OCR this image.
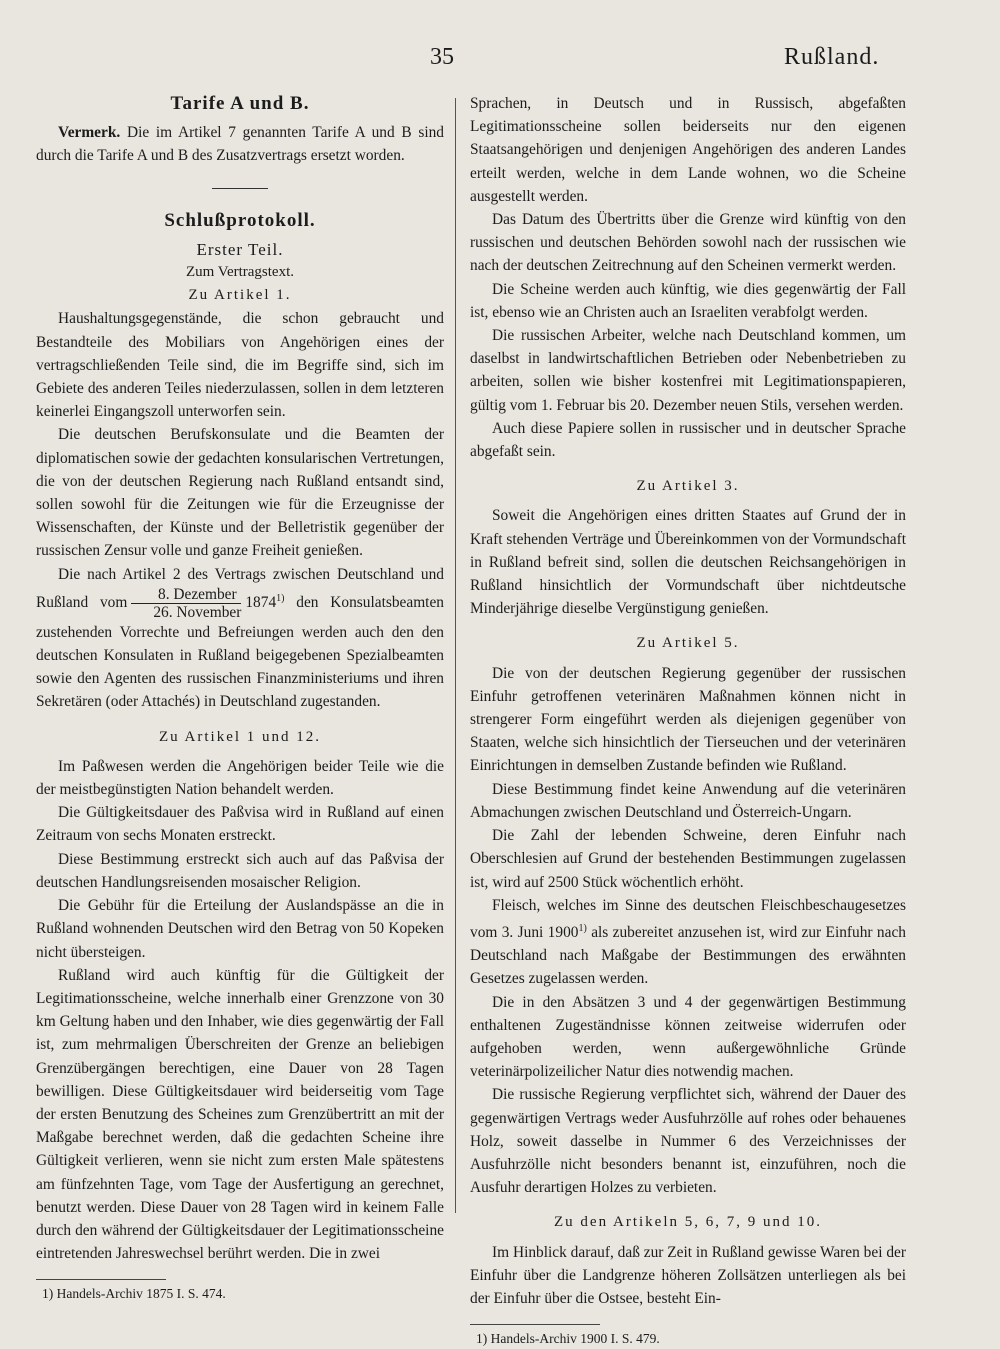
35	Rußland.
Tarife A und B.

Vermerk. Die im Artikel 7 genannten Tarife A und B sind durch die Tarife A und B des Zusatzvertrags ersetzt worden.

Schlußprotokoll.
Erster Teil.
Zum Vertragstext.
Zu Artikel 1.

Haushaltungsgegenstände, die schon gebraucht und Bestandteile des Mobiliars von Angehörigen eines der vertragschließenden Teile sind, die im Begriffe sind, sich im Gebiete des anderen Teiles niederzulassen, sollen in dem letzteren keinerlei Eingangszoll unterworfen sein.

Die deutschen Berufskonsulate und die Beamten der diplomatischen sowie der gedachten konsularischen Vertretungen, die von der deutschen Regierung nach Rußland entsandt sind, sollen sowohl für die Zeitungen wie für die Erzeugnisse der Wissenschaften, der Künste und der Belletristik gegenüber der russischen Zensur volle und ganze Freiheit genießen.

Die nach Artikel 2 des Vertrags zwischen Deutschland und Rußland vom $\frac{\text{8. Dezember}}{\text{26. November}} 1874^{1)}$ den Konsulatsbeamten zustehenden Vorrechte und Befreiungen werden auch den den deutschen Konsulaten in Rußland beigegebenen Spezialbeamten sowie den Agenten des russischen Finanzministeriums und ihren Sekretären (oder Attachés) in Deutschland zugestanden.

Zu Artikel 1 und 12.

Im Paßwesen werden die Angehörigen beider Teile wie die der meistbegünstigten Nation behandelt werden.

Die Gültigkeitsdauer des Paßvisa wird in Rußland auf einen Zeitraum von sechs Monaten erstreckt.

Diese Bestimmung erstreckt sich auch auf das Paßvisa der deutschen Handlungsreisenden mosaischer Religion.

Die Gebühr für die Erteilung der Auslandspässe an die in Rußland wohnenden Deutschen wird den Betrag von 50 Kopeken nicht übersteigen.

Rußland wird auch künftig für die Gültigkeit der Legitimationsscheine, welche innerhalb einer Grenzzone von 30 km Geltung haben und den Inhaber, wie dies gegenwärtig der Fall ist, zum mehrmaligen Überschreiten der Grenze an beliebigen Grenzübergängen berechtigen, eine Dauer von 28 Tagen bewilligen. Diese Gültigkeitsdauer wird beiderseitig vom Tage der ersten Benutzung des Scheines zum Grenzübertritt an mit der Maßgabe berechnet werden, daß die gedachten Scheine ihre Gültigkeit verlieren, wenn sie nicht zum ersten Male spätestens am fünfzehnten Tage, vom Tage der Ausfertigung an gerechnet, benutzt werden. Diese Dauer von 28 Tagen wird in keinem Falle durch den während der Gültigkeitsdauer der Legitimationsscheine eintretenden Jahreswechsel berührt werden. Die in zwei

1) Handels-Archiv 1875 I. S. 474.

Sprachen, in Deutsch und in Russisch, abgefaßten Legitimationsscheine sollen beiderseits nur den eigenen Staatsangehörigen und denjenigen Angehörigen des anderen Landes erteilt werden, welche in dem Lande wohnen, wo die Scheine ausgestellt werden.

Das Datum des Übertritts über die Grenze wird künftig von den russischen und deutschen Behörden sowohl nach der russischen wie nach der deutschen Zeitrechnung auf den Scheinen vermerkt werden.

Die Scheine werden auch künftig, wie dies gegenwärtig der Fall ist, ebenso wie an Christen auch an Israeliten verabfolgt werden.

Die russischen Arbeiter, welche nach Deutschland kommen, um daselbst in landwirtschaftlichen Betrieben oder Nebenbetrieben zu arbeiten, sollen wie bisher kostenfrei mit Legitimationspapieren, gültig vom 1. Februar bis 20. Dezember neuen Stils, versehen werden.

Auch diese Papiere sollen in russischer und in deutscher Sprache abgefaßt sein.

Zu Artikel 3.

Soweit die Angehörigen eines dritten Staates auf Grund der in Kraft stehenden Verträge und Übereinkommen von der Vormundschaft in Rußland befreit sind, sollen die deutschen Reichsangehörigen in Rußland hinsichtlich der Vormundschaft über nichtdeutsche Minderjährige dieselbe Vergünstigung genießen.

Zu Artikel 5.

Die von der deutschen Regierung gegenüber der russischen Einfuhr getroffenen veterinären Maßnahmen können nicht in strengerer Form eingeführt werden als diejenigen gegenüber von Staaten, welche sich hinsichtlich der Tierseuchen und der veterinären Einrichtungen in demselben Zustande befinden wie Rußland.

Diese Bestimmung findet keine Anwendung auf die veterinären Abmachungen zwischen Deutschland und Österreich-Ungarn.

Die Zahl der lebenden Schweine, deren Einfuhr nach Oberschlesien auf Grund der bestehenden Bestimmungen zugelassen ist, wird auf 2500 Stück wöchentlich erhöht.

Fleisch, welches im Sinne des deutschen Fleischbeschaugesetzes vom 3. Juni 1900$^{1)}$ als zubereitet anzusehen ist, wird zur Einfuhr nach Deutschland nach Maßgabe der Bestimmungen des erwähnten Gesetzes zugelassen werden.

Die in den Absätzen 3 und 4 der gegenwärtigen Bestimmung enthaltenen Zugeständnisse können zeitweise widerrufen oder aufgehoben werden, wenn außergewöhnliche Gründe veterinärpolizeilicher Natur dies notwendig machen.

Die russische Regierung verpflichtet sich, während der Dauer des gegenwärtigen Vertrags weder Ausfuhrzölle auf rohes oder behauenes Holz, soweit dasselbe in Nummer 6 des Verzeichnisses der Ausfuhrzölle nicht besonders benannt ist, einzuführen, noch die Ausfuhr derartigen Holzes zu verbieten.

Zu den Artikeln 5, 6, 7, 9 und 10.

Im Hinblick darauf, daß zur Zeit in Rußland gewisse Waren bei der Einfuhr über die Landgrenze höheren Zollsätzen unterliegen als bei der Einfuhr über die Ostsee, besteht Ein-

1) Handels-Archiv 1900 I. S. 479.
